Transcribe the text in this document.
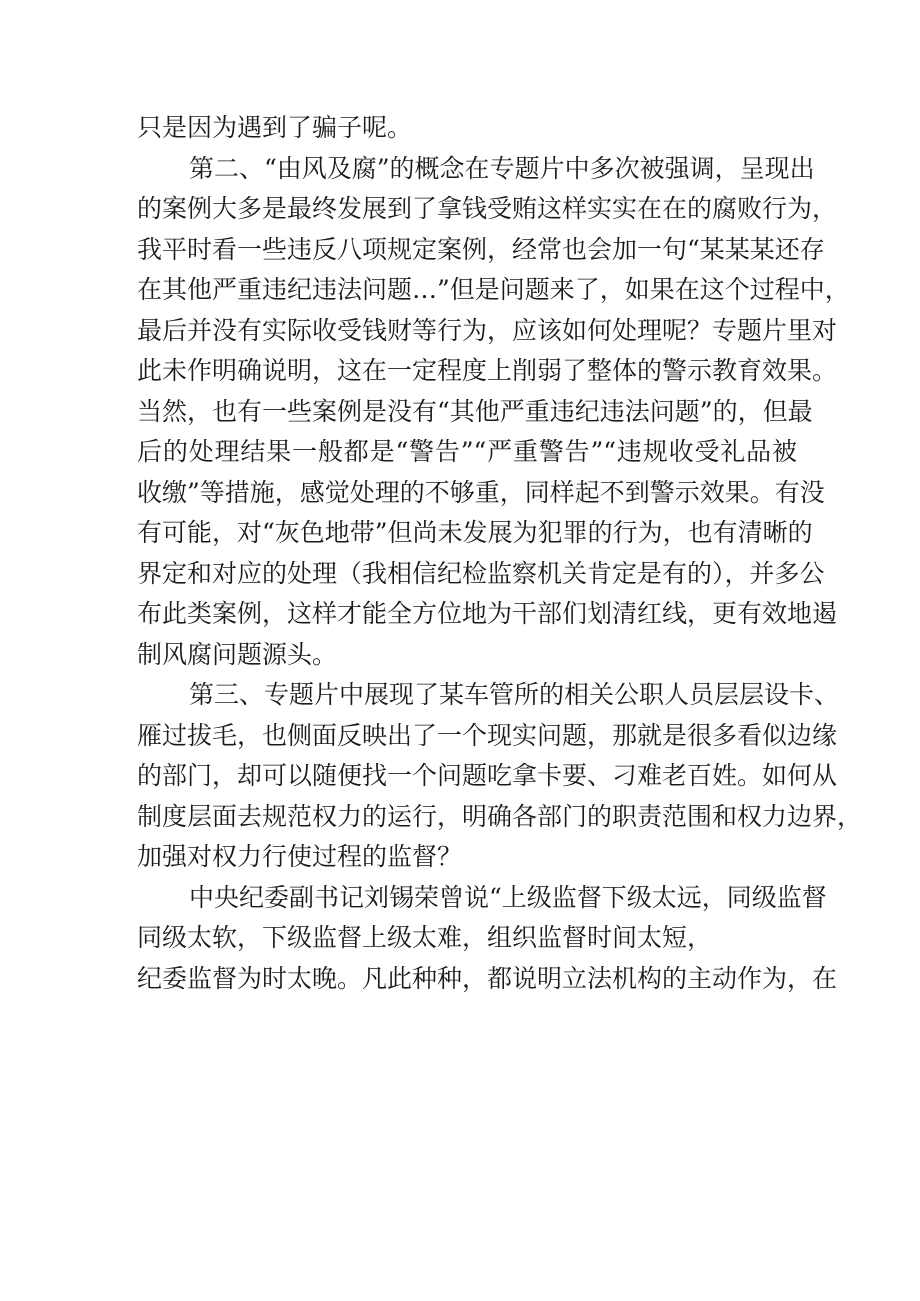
只是因为遇到了骗子呢。
第二、“由风及腐”的概念在专题片中多次被强调，呈现出
的案例大多是最终发展到了拿钱受贿这样实实在在的腐败行为，
我平时看一些违反八项规定案例，经常也会加一句“某某某还存
在其他严重违纪违法问题…”但是问题来了，如果在这个过程中，
最后并没有实际收受钱财等行为，应该如何处理呢？专题片里对
此未作明确说明，这在一定程度上削弱了整体的警示教育效果。
当然，也有一些案例是没有“其他严重违纪违法问题”的，但最
后的处理结果一般都是“警告”“严重警告”“违规收受礼品被
收缴”等措施，感觉处理的不够重，同样起不到警示效果。有没
有可能，对“灰色地带”但尚未发展为犯罪的行为，也有清晰的
界定和对应的处理（我相信纪检监察机关肯定是有的），并多公
布此类案例，这样才能全方位地为干部们划清红线，更有效地遏
制风腐问题源头。
第三、专题片中展现了某车管所的相关公职人员层层设卡、
雁过拔毛，也侧面反映出了一个现实问题，那就是很多看似边缘
的部门，却可以随便找一个问题吃拿卡要、刁难老百姓。如何从
制度层面去规范权力的运行，明确各部门的职责范围和权力边界，
加强对权力行使过程的监督？
中央纪委副书记刘锡荣曾说“上级监督下级太远，同级监督
同级太软，下级监督上级太难，组织监督时间太短，
纪委监督为时太晚。凡此种种，都说明立法机构的主动作为，在
